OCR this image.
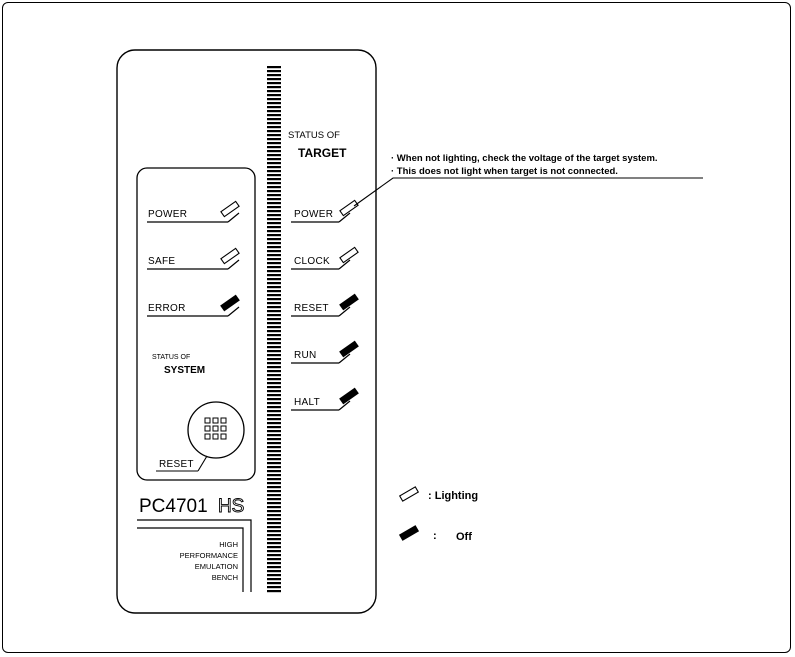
POWER
SAFE
ERROR
STATUS OF
SYSTEM
RESET
PC4701 HS
HIGH
PERFORMANCE
EMULATION
BENCH
STATUS OF
TARGET
POWER
CLOCK
RESET
RUN
HALT
· When not lighting, check the voltage of the target system.
· This does not light when target is not connected.
: Lighting
: Off
